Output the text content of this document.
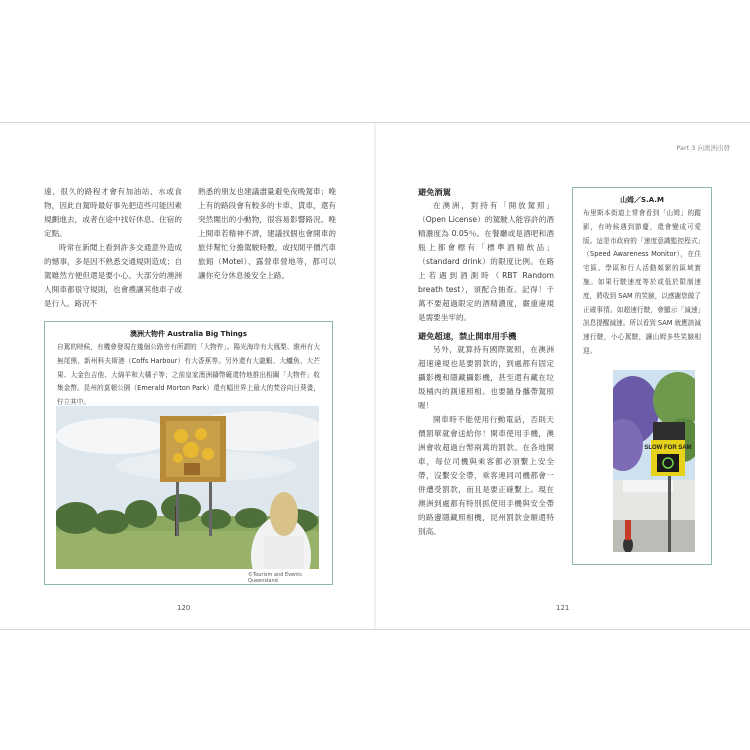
Part 3 向澳洲出發

遠、很久的路程才會有加油站、水或食物，因此自駕時最好事先把這些可能因素規劃進去，或者在途中找好休息、住宿的定點。

時常在新聞上看到許多交通意外造成的憾事，多是因不熟悉交通規則造成；自駕雖然方便但還是要小心。大部分的澳洲人開車都很守規則，也會禮讓其他車子或是行人。路況不

熟悉的朋友也建議盡量避免夜晚駕車；晚上有的路段會有較多的卡車、貨車，還有突然闖出的小動物，很容易影響路況。晚上開車若精神不濟，建議找個也會開車的旅伴幫忙分擔駕駛時數，或找間平價汽車旅館（Motel）、露營車營地等，都可以讓你充分休息後安全上路。

澳洲大物件 Australia Big Things
自駕的時候，有機會發現在幾個公路旁有所謂的「大物件」。陽光海岸有大鳳梨、維州有大無尾熊、新州科夫斯港（Coffs Harbour）有大香蕉等。另外還有大龍蝦、大鱷魚、大芒果、大金色吉他、大綿羊和大橘子等；之前皇家澳洲鑄幣廠還特地推出相關「大物件」收集金幣。昆州的莫頓公園（Emerald Morton Park）還有幅世界上最大的梵谷向日葵畫，佇立其中。
©Tourism and Events Queensland
120

避免酒駕

在澳洲，對持有「開放駕照」（Open License）的駕駛人能容許的酒精濃度為 0.05％。在餐廳或是酒吧和酒瓶上都會標有「標準酒精飲品」（standard drink）的限度比例。在路上若遇到酒測時（RBT Random breath test），須配合抽查。記得！千萬不要超過限定的酒精濃度，嚴重違規是需要坐牢的。

避免超速，禁止開車用手機

另外，就算持有國際駕照，在澳洲超速違規也是要罰款的，到處都有固定攝影機和隱藏攝影機，甚至還有藏在垃圾桶內的測速照相。也要隨身攜帶駕照喔！

開車時不能使用行動電話，否則天價罰單就會送給你！開車使用手機，澳洲會收超過台幣兩萬的罰款。在各地開車，每位司機與乘客都必須繫上安全帶，沒繫安全帶，乘客連同司機都會一併遭受罰款，而且是要正確繫上。現在澳洲到處都有特別抓使用手機與安全帶的路邊隱藏照相機，昆州罰款金額還特別高。

山姆／S.A.M
布里斯本街道上常會看到「山姆」的蹤影，有時候遇到節慶，還會變成可愛版。這是市政府的「速度意識監控程式」（Speed Awareness Monitor），在住宅區、學區和行人活動頻繁的區域實施。如果行駛速度等於或低於限制速度，將收到 SAM 的笑臉，以感謝您做了正確事情。如超速行駛，會顯示「減速」訊息提醒減速。所以看到 SAM 就應該減速行駛，小心駕駛，讓山姆多些笑臉相迎。
SLOW FOR SAM
121
